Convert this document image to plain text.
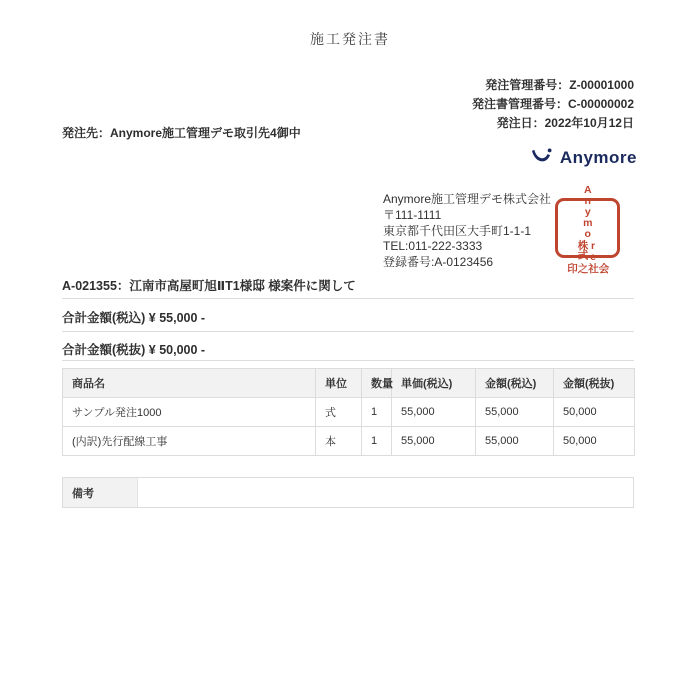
施工発注書
発注管理番号：Z-00001000
発注書管理番号：C-00000002
発注日：2022年10月12日
発注先：Anymore施工管理デモ取引先4御中
Anymore
Anymore施工管理デモ株式会社
〒111-1111
東京都千代田区大手町1-1-1
TEL:011-222-3333
登録番号:A-0123456
Anymo
re株式
会社之印
A-021355：江南市高屋町旭ⅡT1様邸 様案件に関して
合計金額(税込) ¥ 55,000 -
合計金額(税抜) ¥ 50,000 -
商品名	単位	数量	単価(税込)	金額(税込)	金額(税抜)
サンプル発注1000	式	1	55,000	55,000	50,000
(内訳)先行配線工事	本	1	55,000	55,000	50,000
備考
